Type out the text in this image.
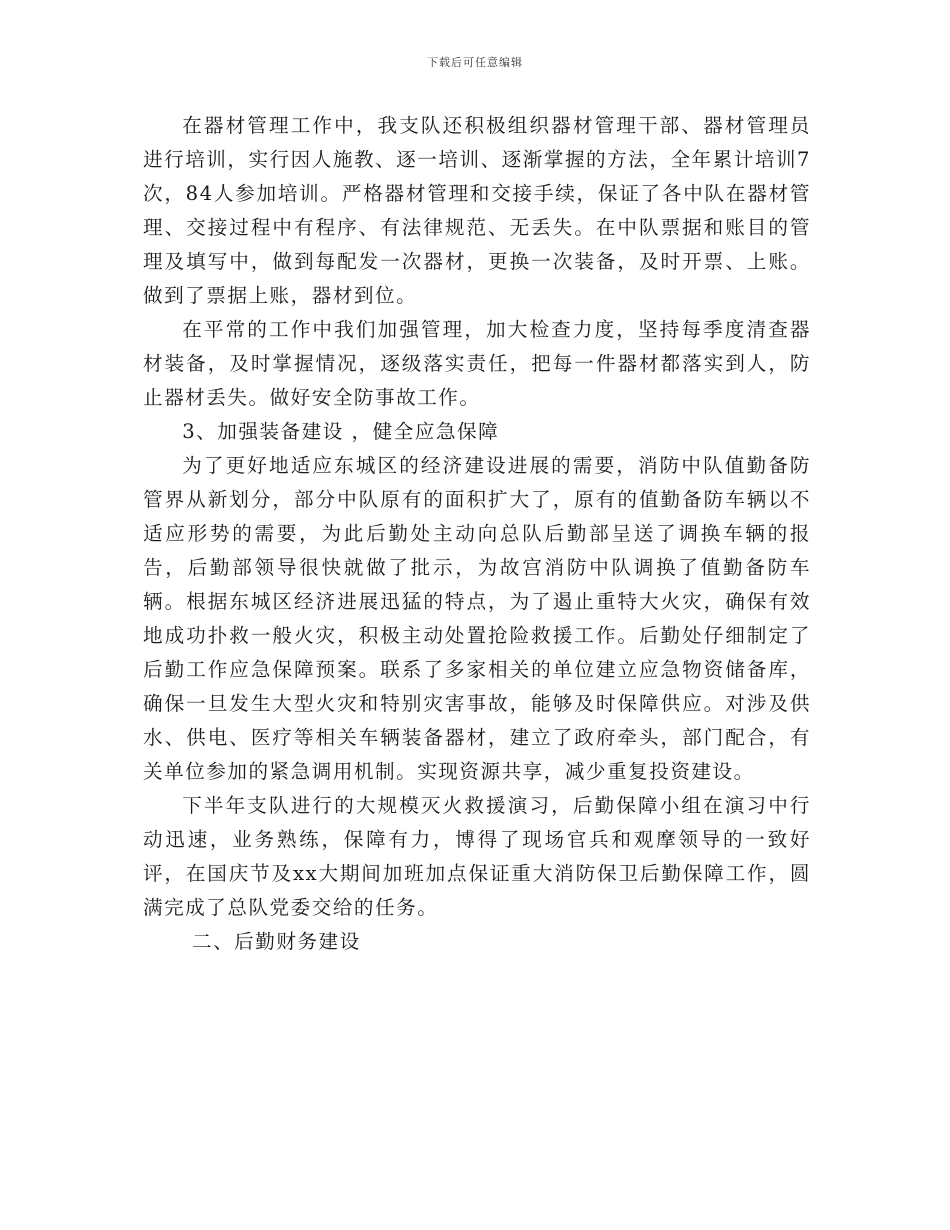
下载后可任意编辑

在器材管理工作中，我支队还积极组织器材管理干部、器材管理员进行培训，实行因人施教、逐一培训、逐渐掌握的方法，全年累计培训7次，84人参加培训。严格器材管理和交接手续，保证了各中队在器材管理、交接过程中有程序、有法律规范、无丢失。在中队票据和账目的管理及填写中，做到每配发一次器材，更换一次装备，及时开票、上账。做到了票据上账，器材到位。

在平常的工作中我们加强管理，加大检查力度，坚持每季度清查器材装备，及时掌握情况，逐级落实责任，把每一件器材都落实到人，防止器材丢失。做好安全防事故工作。

3、加强装备建设 ，健全应急保障

为了更好地适应东城区的经济建设进展的需要，消防中队值勤备防管界从新划分，部分中队原有的面积扩大了，原有的值勤备防车辆以不适应形势的需要，为此后勤处主动向总队后勤部呈送了调换车辆的报告，后勤部领导很快就做了批示，为故宫消防中队调换了值勤备防车辆。根据东城区经济进展迅猛的特点，为了遏止重特大火灾，确保有效地成功扑救一般火灾，积极主动处置抢险救援工作。后勤处仔细制定了后勤工作应急保障预案。联系了多家相关的单位建立应急物资储备库，确保一旦发生大型火灾和特别灾害事故，能够及时保障供应。对涉及供水、供电、医疗等相关车辆装备器材，建立了政府牵头，部门配合，有关单位参加的紧急调用机制。实现资源共享，减少重复投资建设。

下半年支队进行的大规模灭火救援演习，后勤保障小组在演习中行动迅速，业务熟练，保障有力，博得了现场官兵和观摩领导的一致好评，在国庆节及xx大期间加班加点保证重大消防保卫后勤保障工作，圆满完成了总队党委交给的任务。

二、后勤财务建设
